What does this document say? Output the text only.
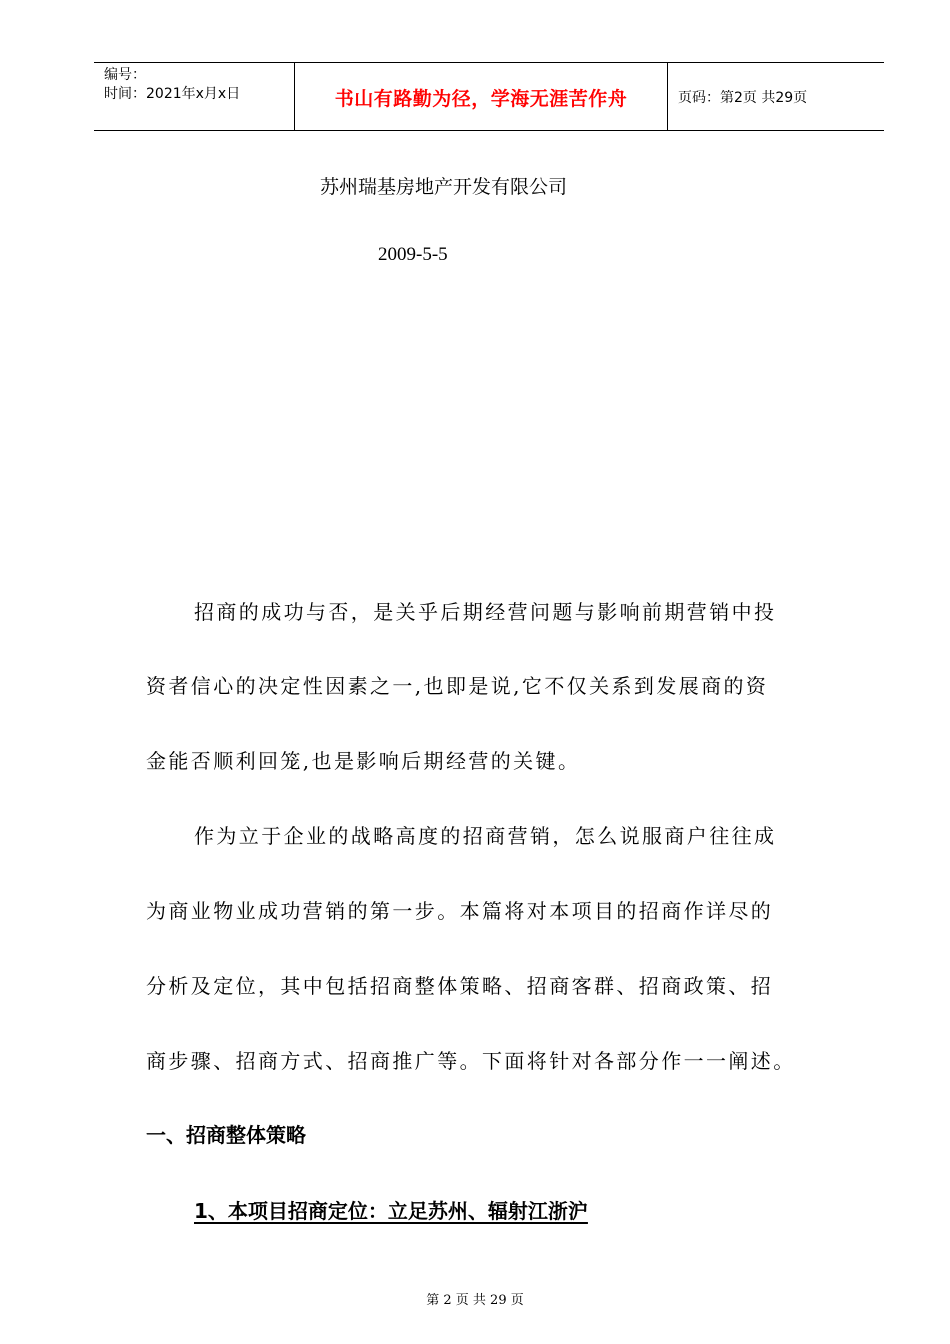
编号：
时间：2021年x月x日	书山有路勤为径，学海无涯苦作舟	页码：第2页 共29页
苏州瑞基房地产开发有限公司
2009-5-5
招商的成功与否，是关乎后期经营问题与影响前期营销中投
资者信心的决定性因素之一,也即是说,它不仅关系到发展商的资
金能否顺利回笼,也是影响后期经营的关键。
作为立于企业的战略高度的招商营销，怎么说服商户往往成
为商业物业成功营销的第一步。本篇将对本项目的招商作详尽的
分析及定位，其中包括招商整体策略、招商客群、招商政策、招
商步骤、招商方式、招商推广等。下面将针对各部分作一一阐述。
一、招商整体策略
1、本项目招商定位：立足苏州、辐射江浙沪
第 2 页 共 29 页
